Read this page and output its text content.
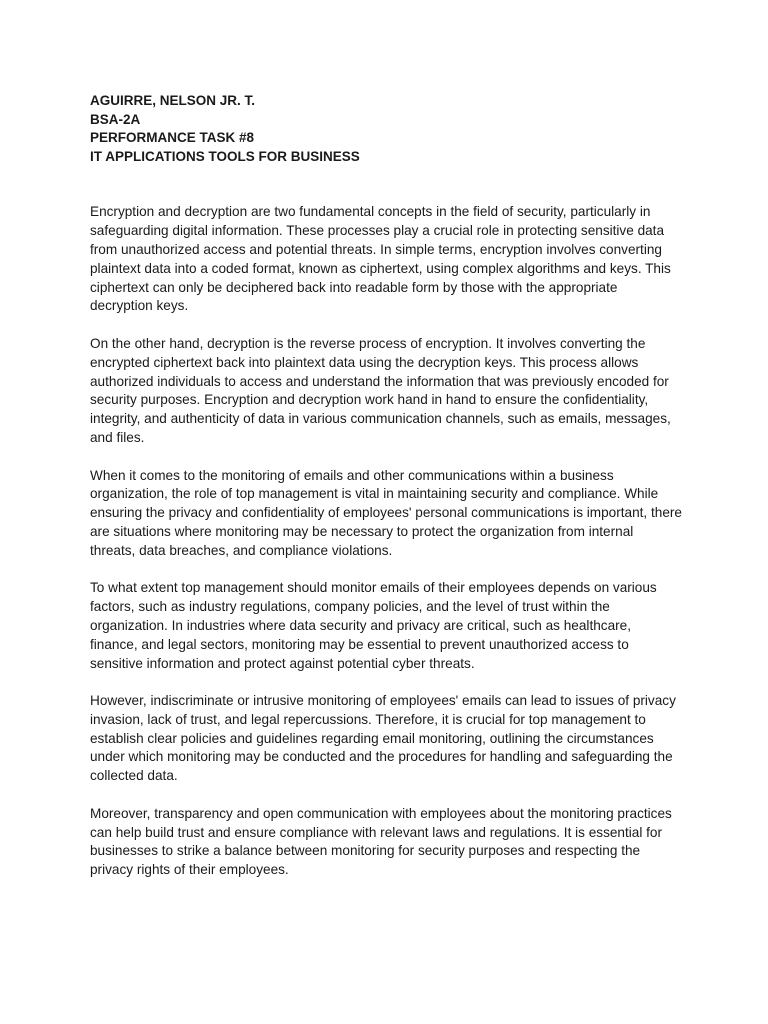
AGUIRRE, NELSON JR. T.

BSA-2A

PERFORMANCE TASK #8

IT APPLICATIONS TOOLS FOR BUSINESS

Encryption and decryption are two fundamental concepts in the field of security, particularly in safeguarding digital information. These processes play a crucial role in protecting sensitive data from unauthorized access and potential threats. In simple terms, encryption involves converting plaintext data into a coded format, known as ciphertext, using complex algorithms and keys. This ciphertext can only be deciphered back into readable form by those with the appropriate decryption keys.

On the other hand, decryption is the reverse process of encryption. It involves converting the encrypted ciphertext back into plaintext data using the decryption keys. This process allows authorized individuals to access and understand the information that was previously encoded for security purposes. Encryption and decryption work hand in hand to ensure the confidentiality, integrity, and authenticity of data in various communication channels, such as emails, messages, and files.

When it comes to the monitoring of emails and other communications within a business organization, the role of top management is vital in maintaining security and compliance. While ensuring the privacy and confidentiality of employees' personal communications is important, there are situations where monitoring may be necessary to protect the organization from internal threats, data breaches, and compliance violations.

To what extent top management should monitor emails of their employees depends on various factors, such as industry regulations, company policies, and the level of trust within the organization. In industries where data security and privacy are critical, such as healthcare, finance, and legal sectors, monitoring may be essential to prevent unauthorized access to sensitive information and protect against potential cyber threats.

However, indiscriminate or intrusive monitoring of employees' emails can lead to issues of privacy invasion, lack of trust, and legal repercussions. Therefore, it is crucial for top management to establish clear policies and guidelines regarding email monitoring, outlining the circumstances under which monitoring may be conducted and the procedures for handling and safeguarding the collected data.

Moreover, transparency and open communication with employees about the monitoring practices can help build trust and ensure compliance with relevant laws and regulations. It is essential for businesses to strike a balance between monitoring for security purposes and respecting the privacy rights of their employees.
